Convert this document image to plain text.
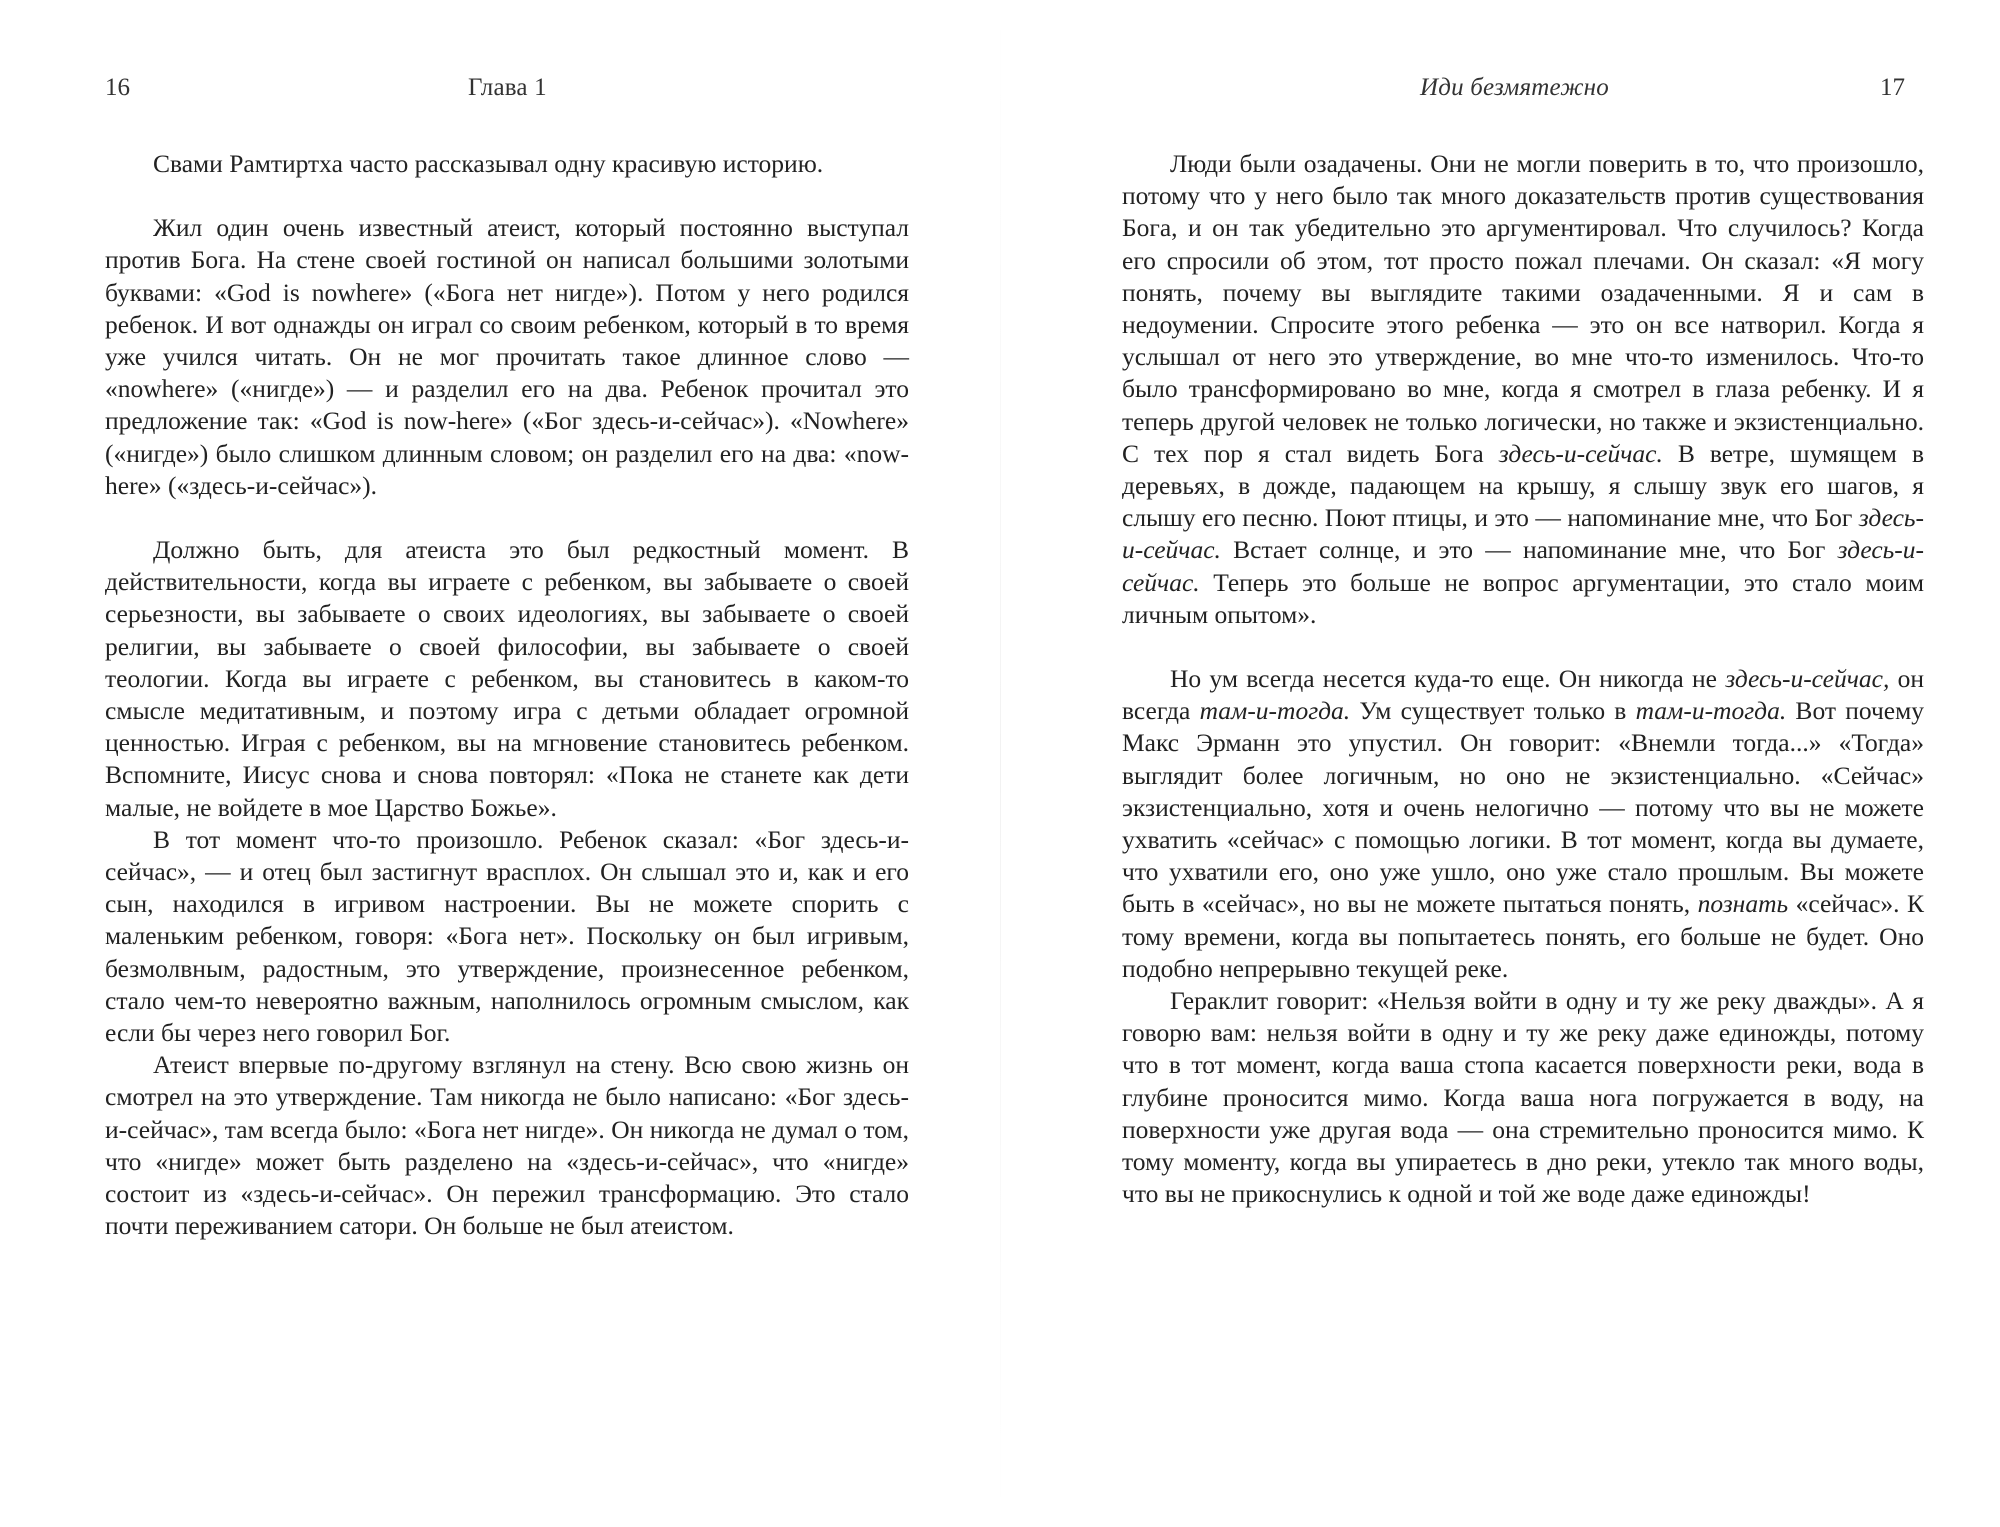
16	Глава 1

Свами Рамтиртха часто рассказывал одну красивую историю.

Жил один очень известный атеист, который постоянно выступал против Бога. На стене своей гостиной он написал большими золотыми буквами: «God is nowhere» («Бога нет нигде»). Потом у него родился ребенок. И вот однажды он играл со своим ребенком, который в то время уже учился читать. Он не мог прочитать такое длинное слово — «nowhere» («нигде») — и разделил его на два. Ребенок прочитал это предложение так: «God is now-here» («Бог здесь-и-сейчас»). «Nowhere» («нигде») было слишком длинным словом; он разделил его на два: «now-here» («здесь-и-сейчас»).

Должно быть, для атеиста это был редкостный момент. В действительности, когда вы играете с ребенком, вы забываете о своей серьезности, вы забываете о своих идеологиях, вы забываете о своей религии, вы забываете о своей философии, вы забываете о своей теологии. Когда вы играете с ребенком, вы становитесь в каком-то смысле медитативным, и поэтому игра с детьми обладает огромной ценностью. Играя с ребенком, вы на мгновение становитесь ребенком. Вспомните, Иисус снова и снова повторял: «Пока не станете как дети малые, не войдете в мое Царство Божье».

В тот момент что-то произошло. Ребенок сказал: «Бог здесь-и-сейчас», — и отец был застигнут врасплох. Он слышал это и, как и его сын, находился в игривом настроении. Вы не можете спорить с маленьким ребенком, говоря: «Бога нет». Поскольку он был игривым, безмолвным, радостным, это утверждение, произнесенное ребенком, стало чем-то невероятно важным, наполнилось огромным смыслом, как если бы через него говорил Бог.

Атеист впервые по-другому взглянул на стену. Всю свою жизнь он смотрел на это утверждение. Там никогда не было написано: «Бог здесь-и-сейчас», там всегда было: «Бога нет нигде». Он никогда не думал о том, что «нигде» может быть разделено на «здесь-и-сейчас», что «нигде» состоит из «здесь-и-сейчас». Он пережил трансформацию. Это стало почти переживанием сатори. Он больше не был атеистом.

Иди безмятежно	17

Люди были озадачены. Они не могли поверить в то, что произошло, потому что у него было так много доказательств против существования Бога, и он так убедительно это аргументировал. Что случилось? Когда его спросили об этом, тот просто пожал плечами. Он сказал: «Я могу понять, почему вы выглядите такими озадаченными. Я и сам в недоумении. Спросите этого ребенка — это он все натворил. Когда я услышал от него это утверждение, во мне что-то изменилось. Что-то было трансформировано во мне, когда я смотрел в глаза ребенку. И я теперь другой человек не только логически, но также и экзистенциально. С тех пор я стал видеть Бога здесь-и-сейчас. В ветре, шумящем в деревьях, в дожде, падающем на крышу, я слышу звук его шагов, я слышу его песню. Поют птицы, и это — напоминание мне, что Бог здесь-и-сейчас. Встает солнце, и это — напоминание мне, что Бог здесь-и-сейчас. Теперь это больше не вопрос аргументации, это стало моим личным опытом».

Но ум всегда несется куда-то еще. Он никогда не здесь-и-сейчас, он всегда там-и-тогда. Ум существует только в там-и-тогда. Вот почему Макс Эрманн это упустил. Он говорит: «Внемли тогда...» «Тогда» выглядит более логичным, но оно не экзистенциально. «Сейчас» экзистенциально, хотя и очень нелогично — потому что вы не можете ухватить «сейчас» с помощью логики. В тот момент, когда вы думаете, что ухватили его, оно уже ушло, оно уже стало прошлым. Вы можете быть в «сейчас», но вы не можете пытаться понять, познать «сейчас». К тому времени, когда вы попытаетесь понять, его больше не будет. Оно подобно непрерывно текущей реке.

Гераклит говорит: «Нельзя войти в одну и ту же реку дважды». А я говорю вам: нельзя войти в одну и ту же реку даже единожды, потому что в тот момент, когда ваша стопа касается поверхности реки, вода в глубине проносится мимо. Когда ваша нога погружается в воду, на поверхности уже другая вода — она стремительно проносится мимо. К тому моменту, когда вы упираетесь в дно реки, утекло так много воды, что вы не прикоснулись к одной и той же воде даже единожды!
